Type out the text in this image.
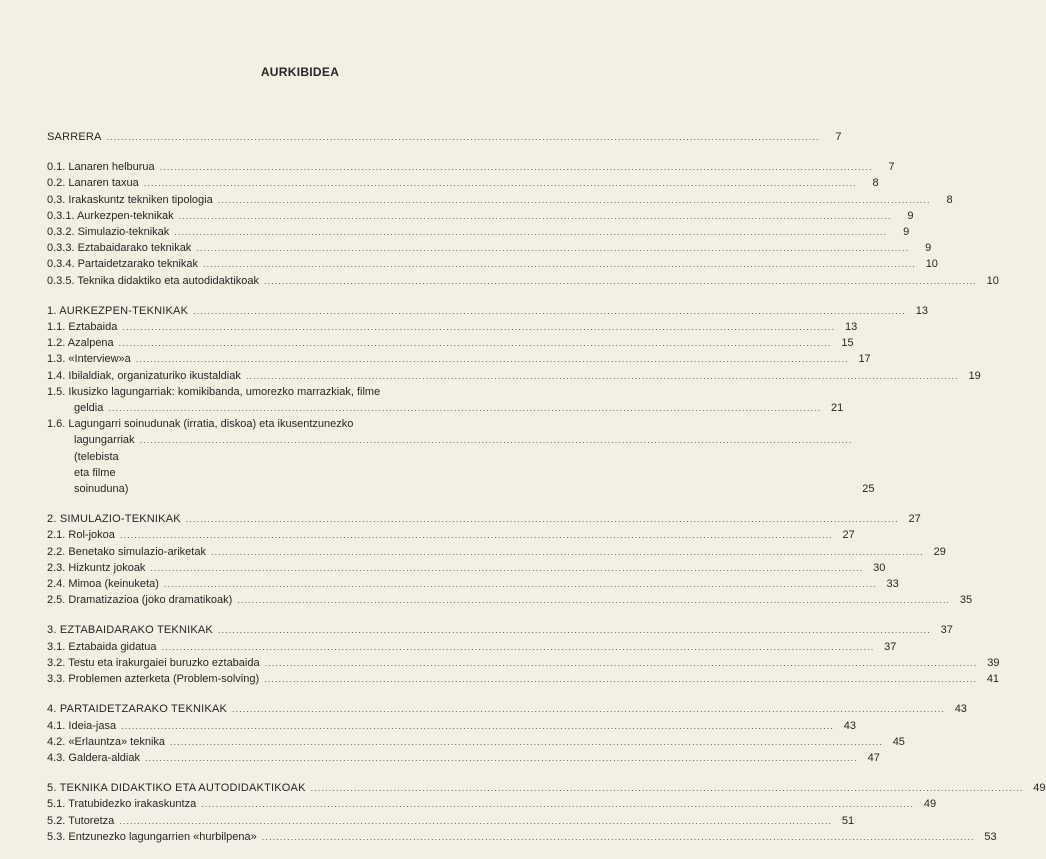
AURKIBIDEA
SARRERA .....	7
0.1. Lanaren helburua .....	7
0.2. Lanaren taxua .....	8
0.3. Irakaskuntz tekniken tipologia .....	8
0.3.1. Aurkezpen-teknikak .....	9
0.3.2. Simulazio-teknikak .....	9
0.3.3. Eztabaidarako teknikak .....	9
0.3.4. Partaidetzarako teknikak .....	10
0.3.5. Teknika didaktiko eta autodidaktikoak .....	10
1. AURKEZPEN-TEKNIKAK .....	13
1.1. Eztabaida .....	13
1.2. Azalpena .....	15
1.3. «Interview»a .....	17
1.4. Ibilaldiak, organizaturiko ikustaldiak .....	19
1.5. Ikusizko lagungarriak: komikibanda, umorezko marrazkiak, filme
geldia .....	21
1.6. Lagungarri soinudunak (irratia, diskoa) eta ikusentzunezko
lagungarriak (telebista eta filme soinuduna)
.....	25
2. SIMULAZIO-TEKNIKAK .....	27
2.1. Rol-jokoa .....	27
2.2. Benetako simulazio-ariketak .....	29
2.3. Hizkuntz jokoak .....	30
2.4. Mimoa (keinuketa) .....	33
2.5. Dramatizazioa (joko dramatikoak) .....	35
3. EZTABAIDARAKO TEKNIKAK .....	37
3.1. Eztabaida gidatua .....	37
3.2. Testu eta irakurgaiei buruzko eztabaida .....	39
3.3. Problemen azterketa (Problem-solving) .....	41
4. PARTAIDETZARAKO TEKNIKAK .....	43
4.1. Ideia-jasa .....	43
4.2. «Erlauntza» teknika .....	45
4.3. Galdera-aldiak .....	47
5. TEKNIKA DIDAKTIKO ETA AUTODIDAKTIKOAK .....	49
5.1. Tratubidezko irakaskuntza .....	49
5.2. Tutoretza .....	51
5.3. Entzunezko lagungarrien «hurbilpena» .....	53
